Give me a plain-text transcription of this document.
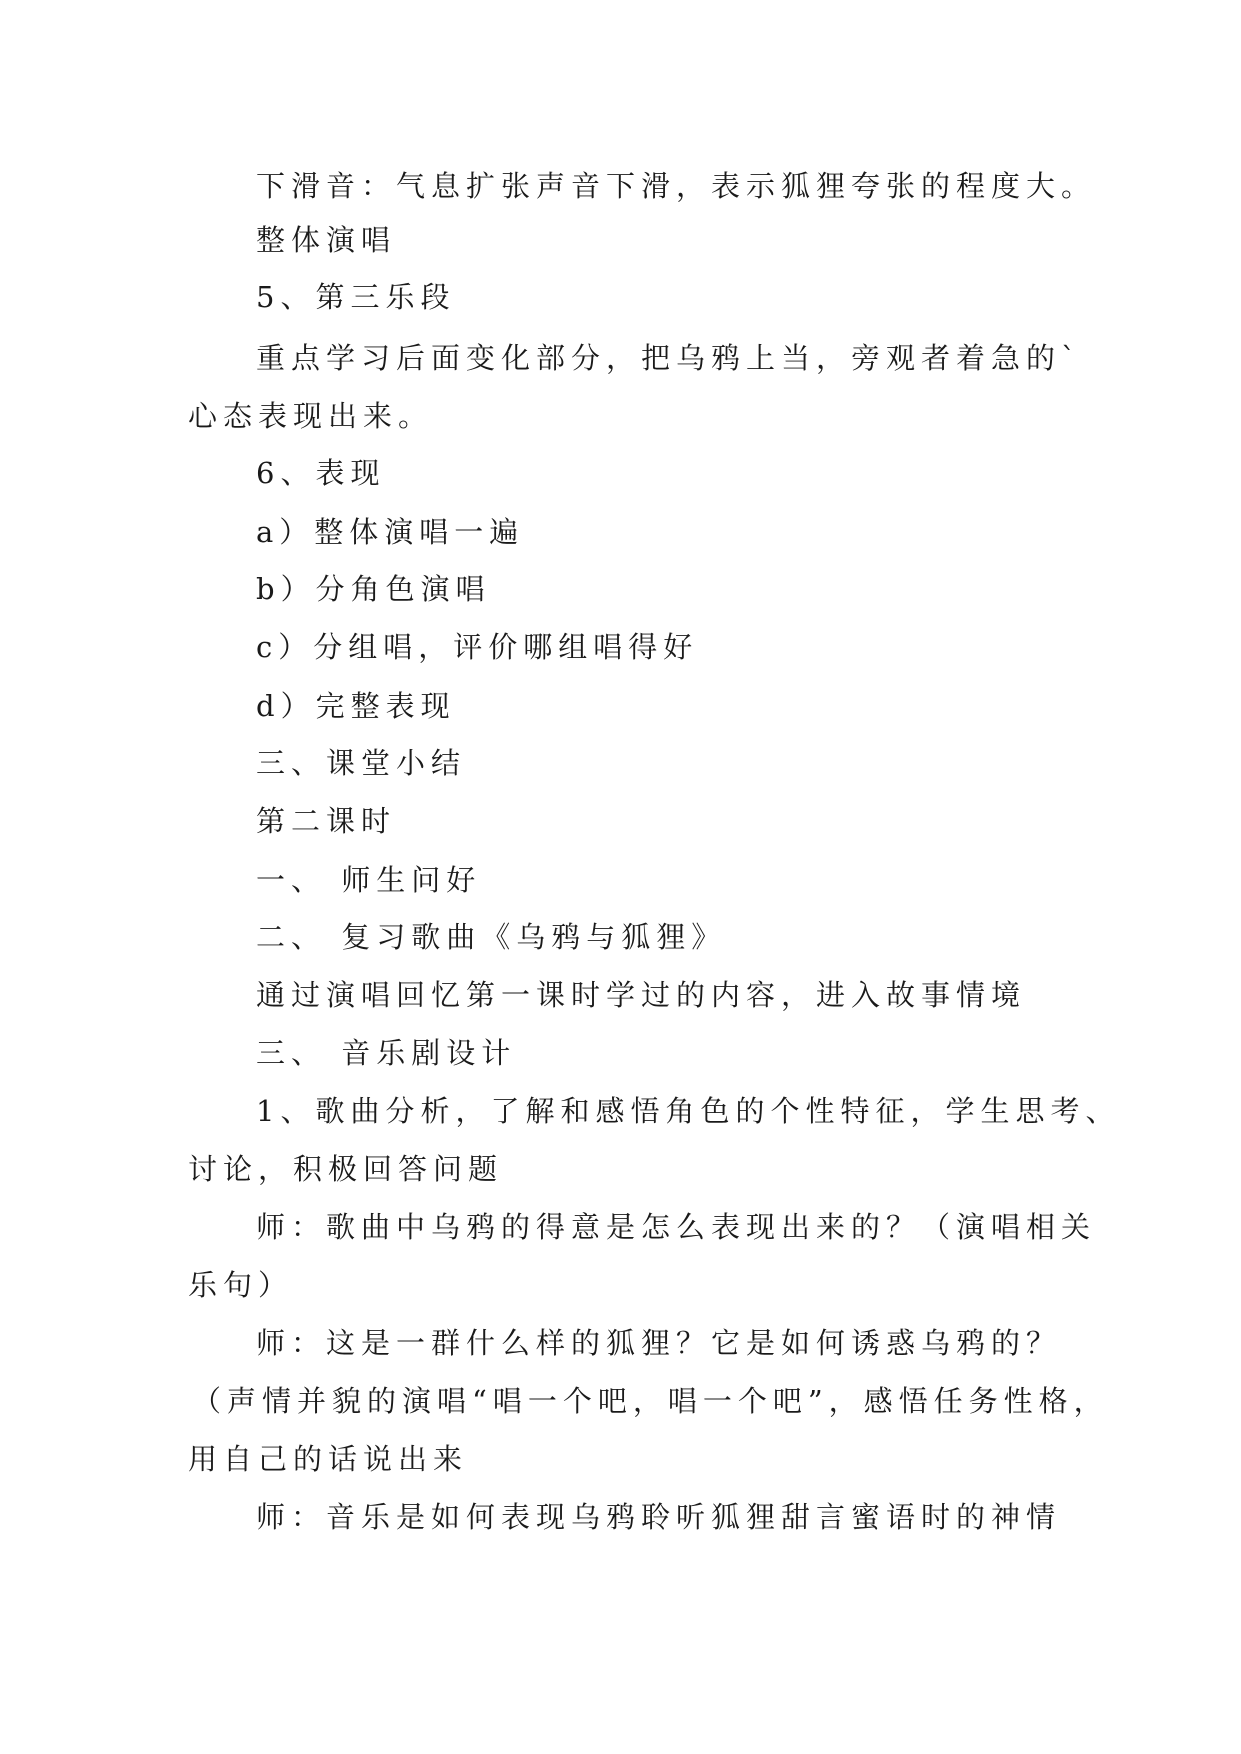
下滑音：气息扩张声音下滑，表示狐狸夸张的程度大。

整体演唱

5、第三乐段

重点学习后面变化部分，把乌鸦上当，旁观者着急的`

心态表现出来。

6、表现

a）整体演唱一遍

b）分角色演唱

c）分组唱，评价哪组唱得好

d）完整表现

三、课堂小结

第二课时

一、 师生问好

二、 复习歌曲《乌鸦与狐狸》

通过演唱回忆第一课时学过的内容，进入故事情境

三、 音乐剧设计

1、歌曲分析，了解和感悟角色的个性特征，学生思考、

讨论，积极回答问题

师：歌曲中乌鸦的得意是怎么表现出来的？（演唱相关

乐句）

师：这是一群什么样的狐狸？它是如何诱惑乌鸦的？

（声情并貌的演唱“唱一个吧，唱一个吧”，感悟任务性格，

用自己的话说出来

师：音乐是如何表现乌鸦聆听狐狸甜言蜜语时的神情
